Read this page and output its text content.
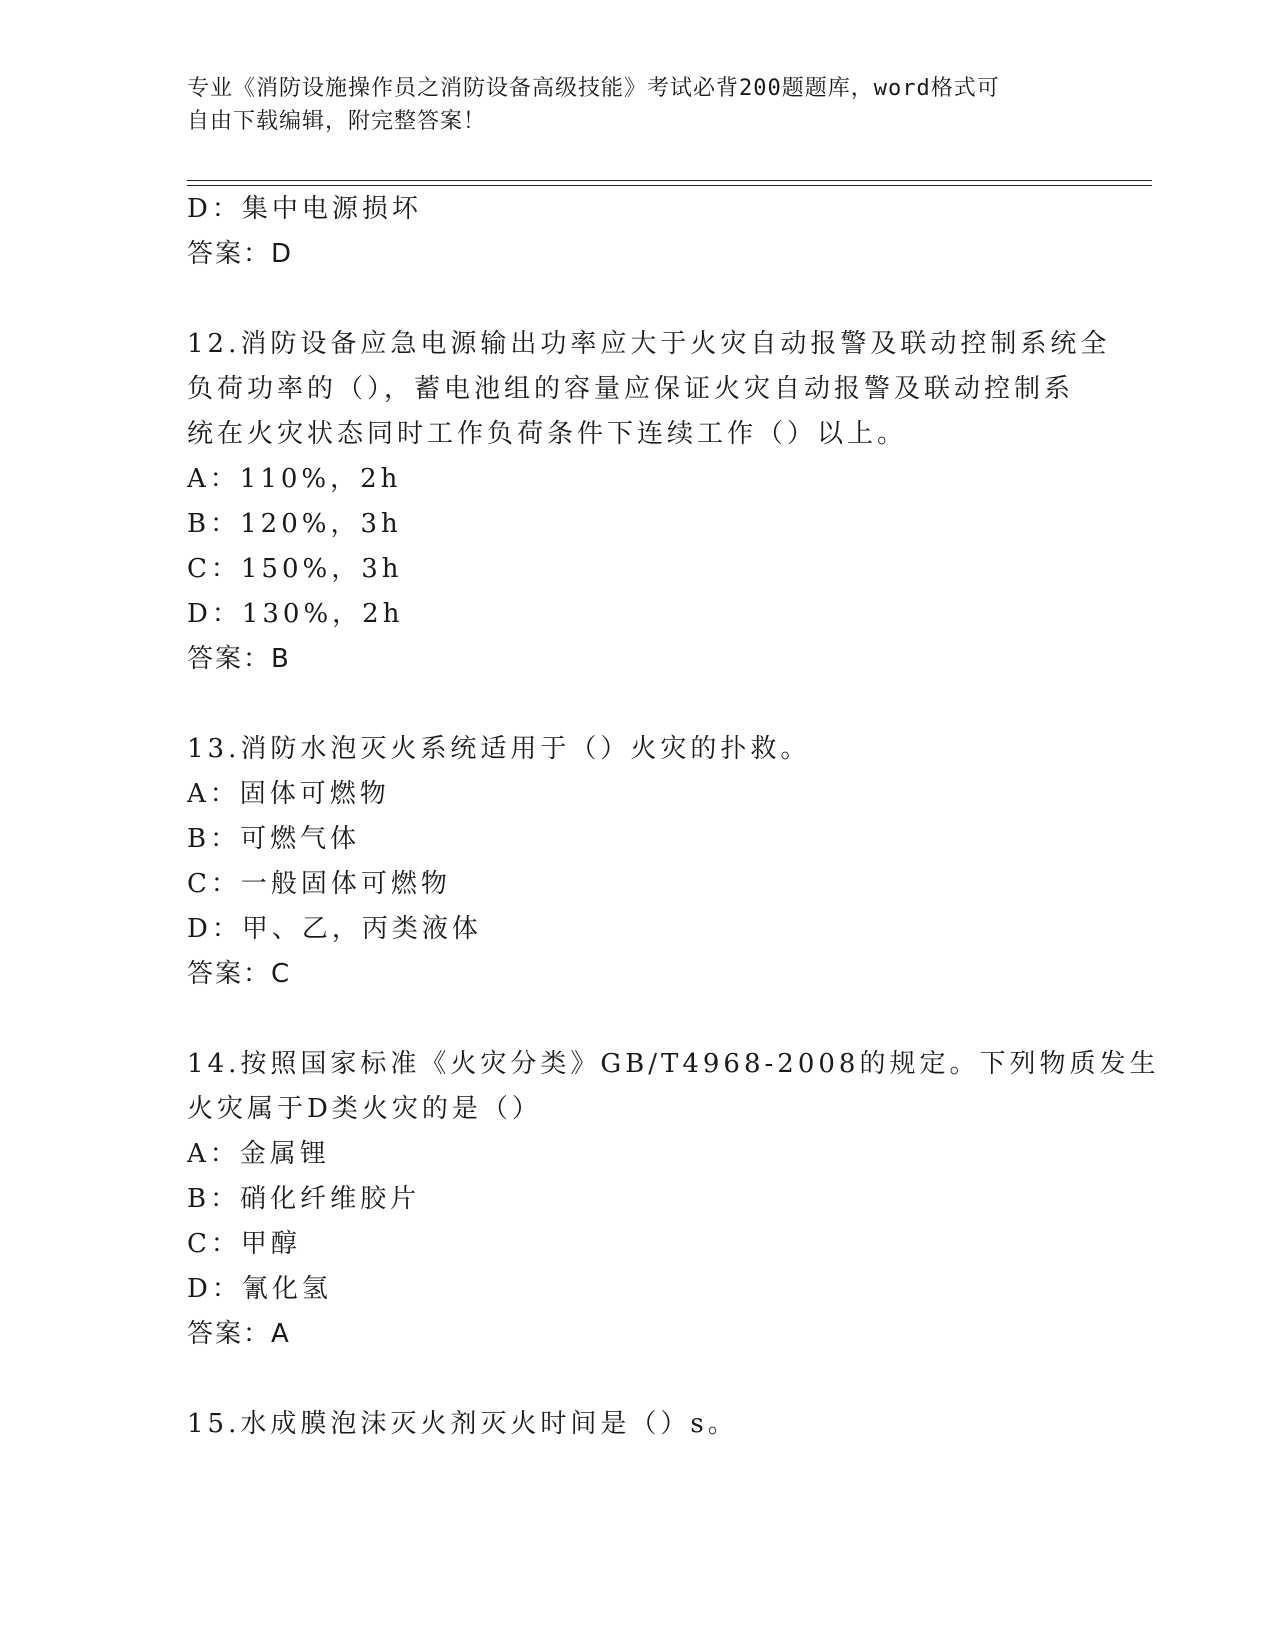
专业《消防设施操作员之消防设备高级技能》考试必背200题题库，word格式可
自由下载编辑，附完整答案！
D：集中电源损坏
答案：D
12.消防设备应急电源输出功率应大于火灾自动报警及联动控制系统全
负荷功率的（），蓄电池组的容量应保证火灾自动报警及联动控制系
统在火灾状态同时工作负荷条件下连续工作（）以上。
A：110%，2h
B：120%，3h
C：150%，3h
D：130%，2h
答案：B
13.消防水泡灭火系统适用于（）火灾的扑救。
A：固体可燃物
B：可燃气体
C：一般固体可燃物
D：甲、乙，丙类液体
答案：C
14.按照国家标准《火灾分类》GB/T4968-2008的规定。下列物质发生
火灾属于D类火灾的是（）
A：金属锂
B：硝化纤维胶片
C：甲醇
D：氰化氢
答案：A
15.水成膜泡沫灭火剂灭火时间是（）s。
